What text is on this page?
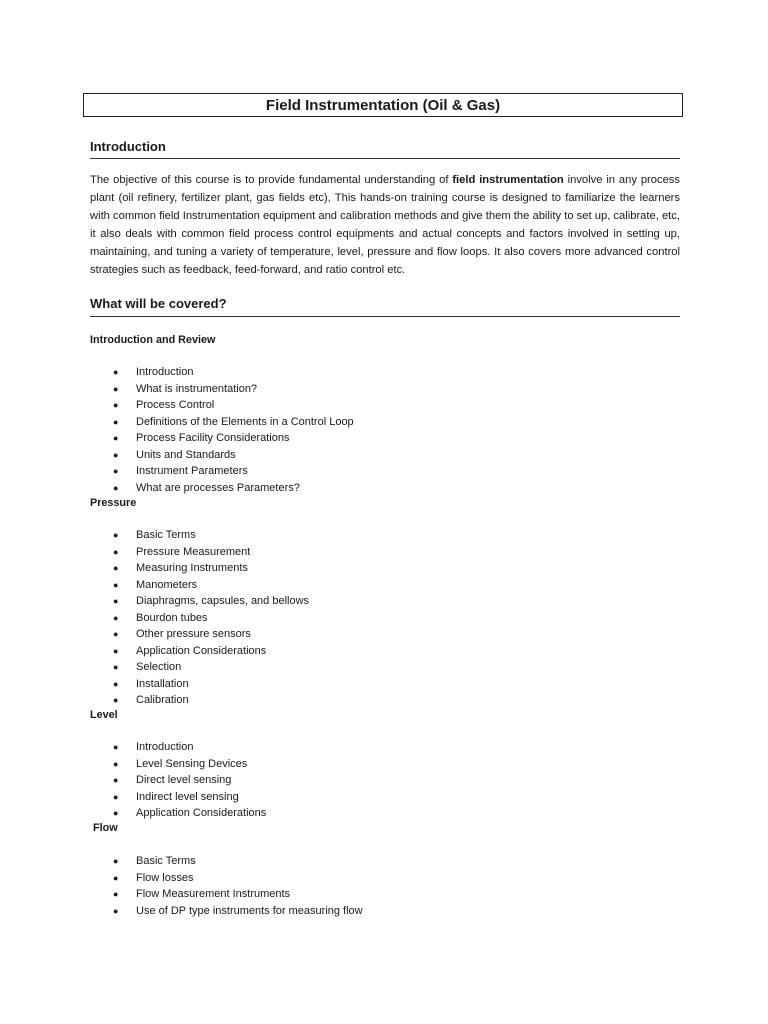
Field Instrumentation (Oil & Gas)
Introduction
The objective of this course is to provide fundamental understanding of field instrumentation involve in any process plant (oil refinery, fertilizer plant, gas fields etc), This hands-on training course is designed to familiarize the learners with common field Instrumentation equipment and calibration methods and give them the ability to set up, calibrate, etc, it also deals with common field process control equipments and actual concepts and factors involved in setting up, maintaining, and tuning a variety of temperature, level, pressure and flow loops. It also covers more advanced control strategies such as feedback, feed-forward, and ratio control etc.
What will be covered?
Introduction and Review
● Introduction
● What is instrumentation?
● Process Control
● Definitions of the Elements in a Control Loop
● Process Facility Considerations
● Units and Standards
● Instrument Parameters
● What are processes Parameters?
Pressure
● Basic Terms
● Pressure Measurement
● Measuring Instruments
● Manometers
● Diaphragms, capsules, and bellows
● Bourdon tubes
● Other pressure sensors
● Application Considerations
● Selection
● Installation
● Calibration
Level
● Introduction
● Level Sensing Devices
● Direct level sensing
● Indirect level sensing
● Application Considerations
Flow
● Basic Terms
● Flow losses
● Flow Measurement Instruments
● Use of DP type instruments for measuring flow
